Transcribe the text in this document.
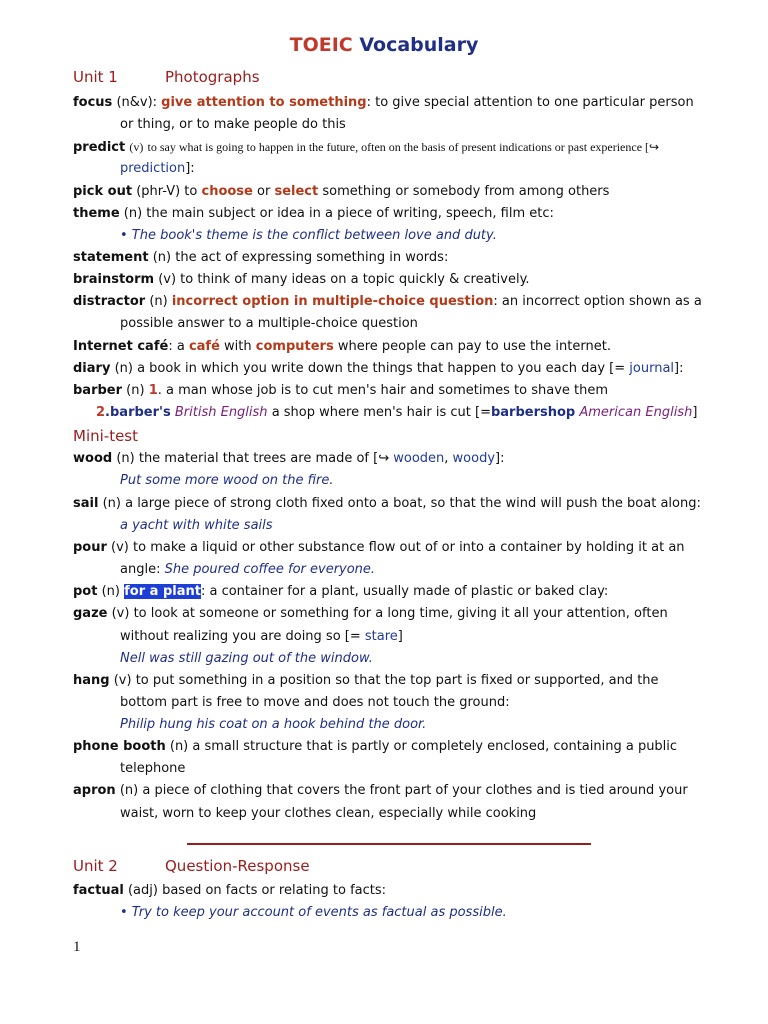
TOEIC Vocabulary
Unit 1	Photographs
focus (n&v): give attention to something: to give special attention to one particular person
or thing, or to make people do this
predict (v) to say what is going to happen in the future, often on the basis of present indications or past experience [↪
prediction]:
pick out (phr-V) to choose or select something or somebody from among others
theme (n) the main subject or idea in a piece of writing, speech, film etc:
• The book's theme is the conflict between love and duty.
statement (n) the act of expressing something in words:
brainstorm (v) to think of many ideas on a topic quickly & creatively.
distractor (n) incorrect option in multiple-choice question: an incorrect option shown as a
possible answer to a multiple-choice question
Internet café: a café with computers where people can pay to use the internet.
diary (n) a book in which you write down the things that happen to you each day [= journal]:
barber (n) 1. a man whose job is to cut men's hair and sometimes to shave them
2.barber's British English a shop where men's hair is cut [=barbershop American English]
Mini-test
wood (n) the material that trees are made of [↪ wooden, woody]:
Put some more wood on the fire.
sail (n) a large piece of strong cloth fixed onto a boat, so that the wind will push the boat along:
a yacht with white sails
pour (v) to make a liquid or other substance flow out of or into a container by holding it at an
angle: She poured coffee for everyone.
pot (n) for a plant: a container for a plant, usually made of plastic or baked clay:
gaze (v) to look at someone or something for a long time, giving it all your attention, often
without realizing you are doing so [= stare]
Nell was still gazing out of the window.
hang (v) to put something in a position so that the top part is fixed or supported, and the
bottom part is free to move and does not touch the ground:
Philip hung his coat on a hook behind the door.
phone booth (n) a small structure that is partly or completely enclosed, containing a public
telephone
apron (n) a piece of clothing that covers the front part of your clothes and is tied around your
waist, worn to keep your clothes clean, especially while cooking
Unit 2	Question-Response
factual (adj) based on facts or relating to facts:
• Try to keep your account of events as factual as possible.
1
